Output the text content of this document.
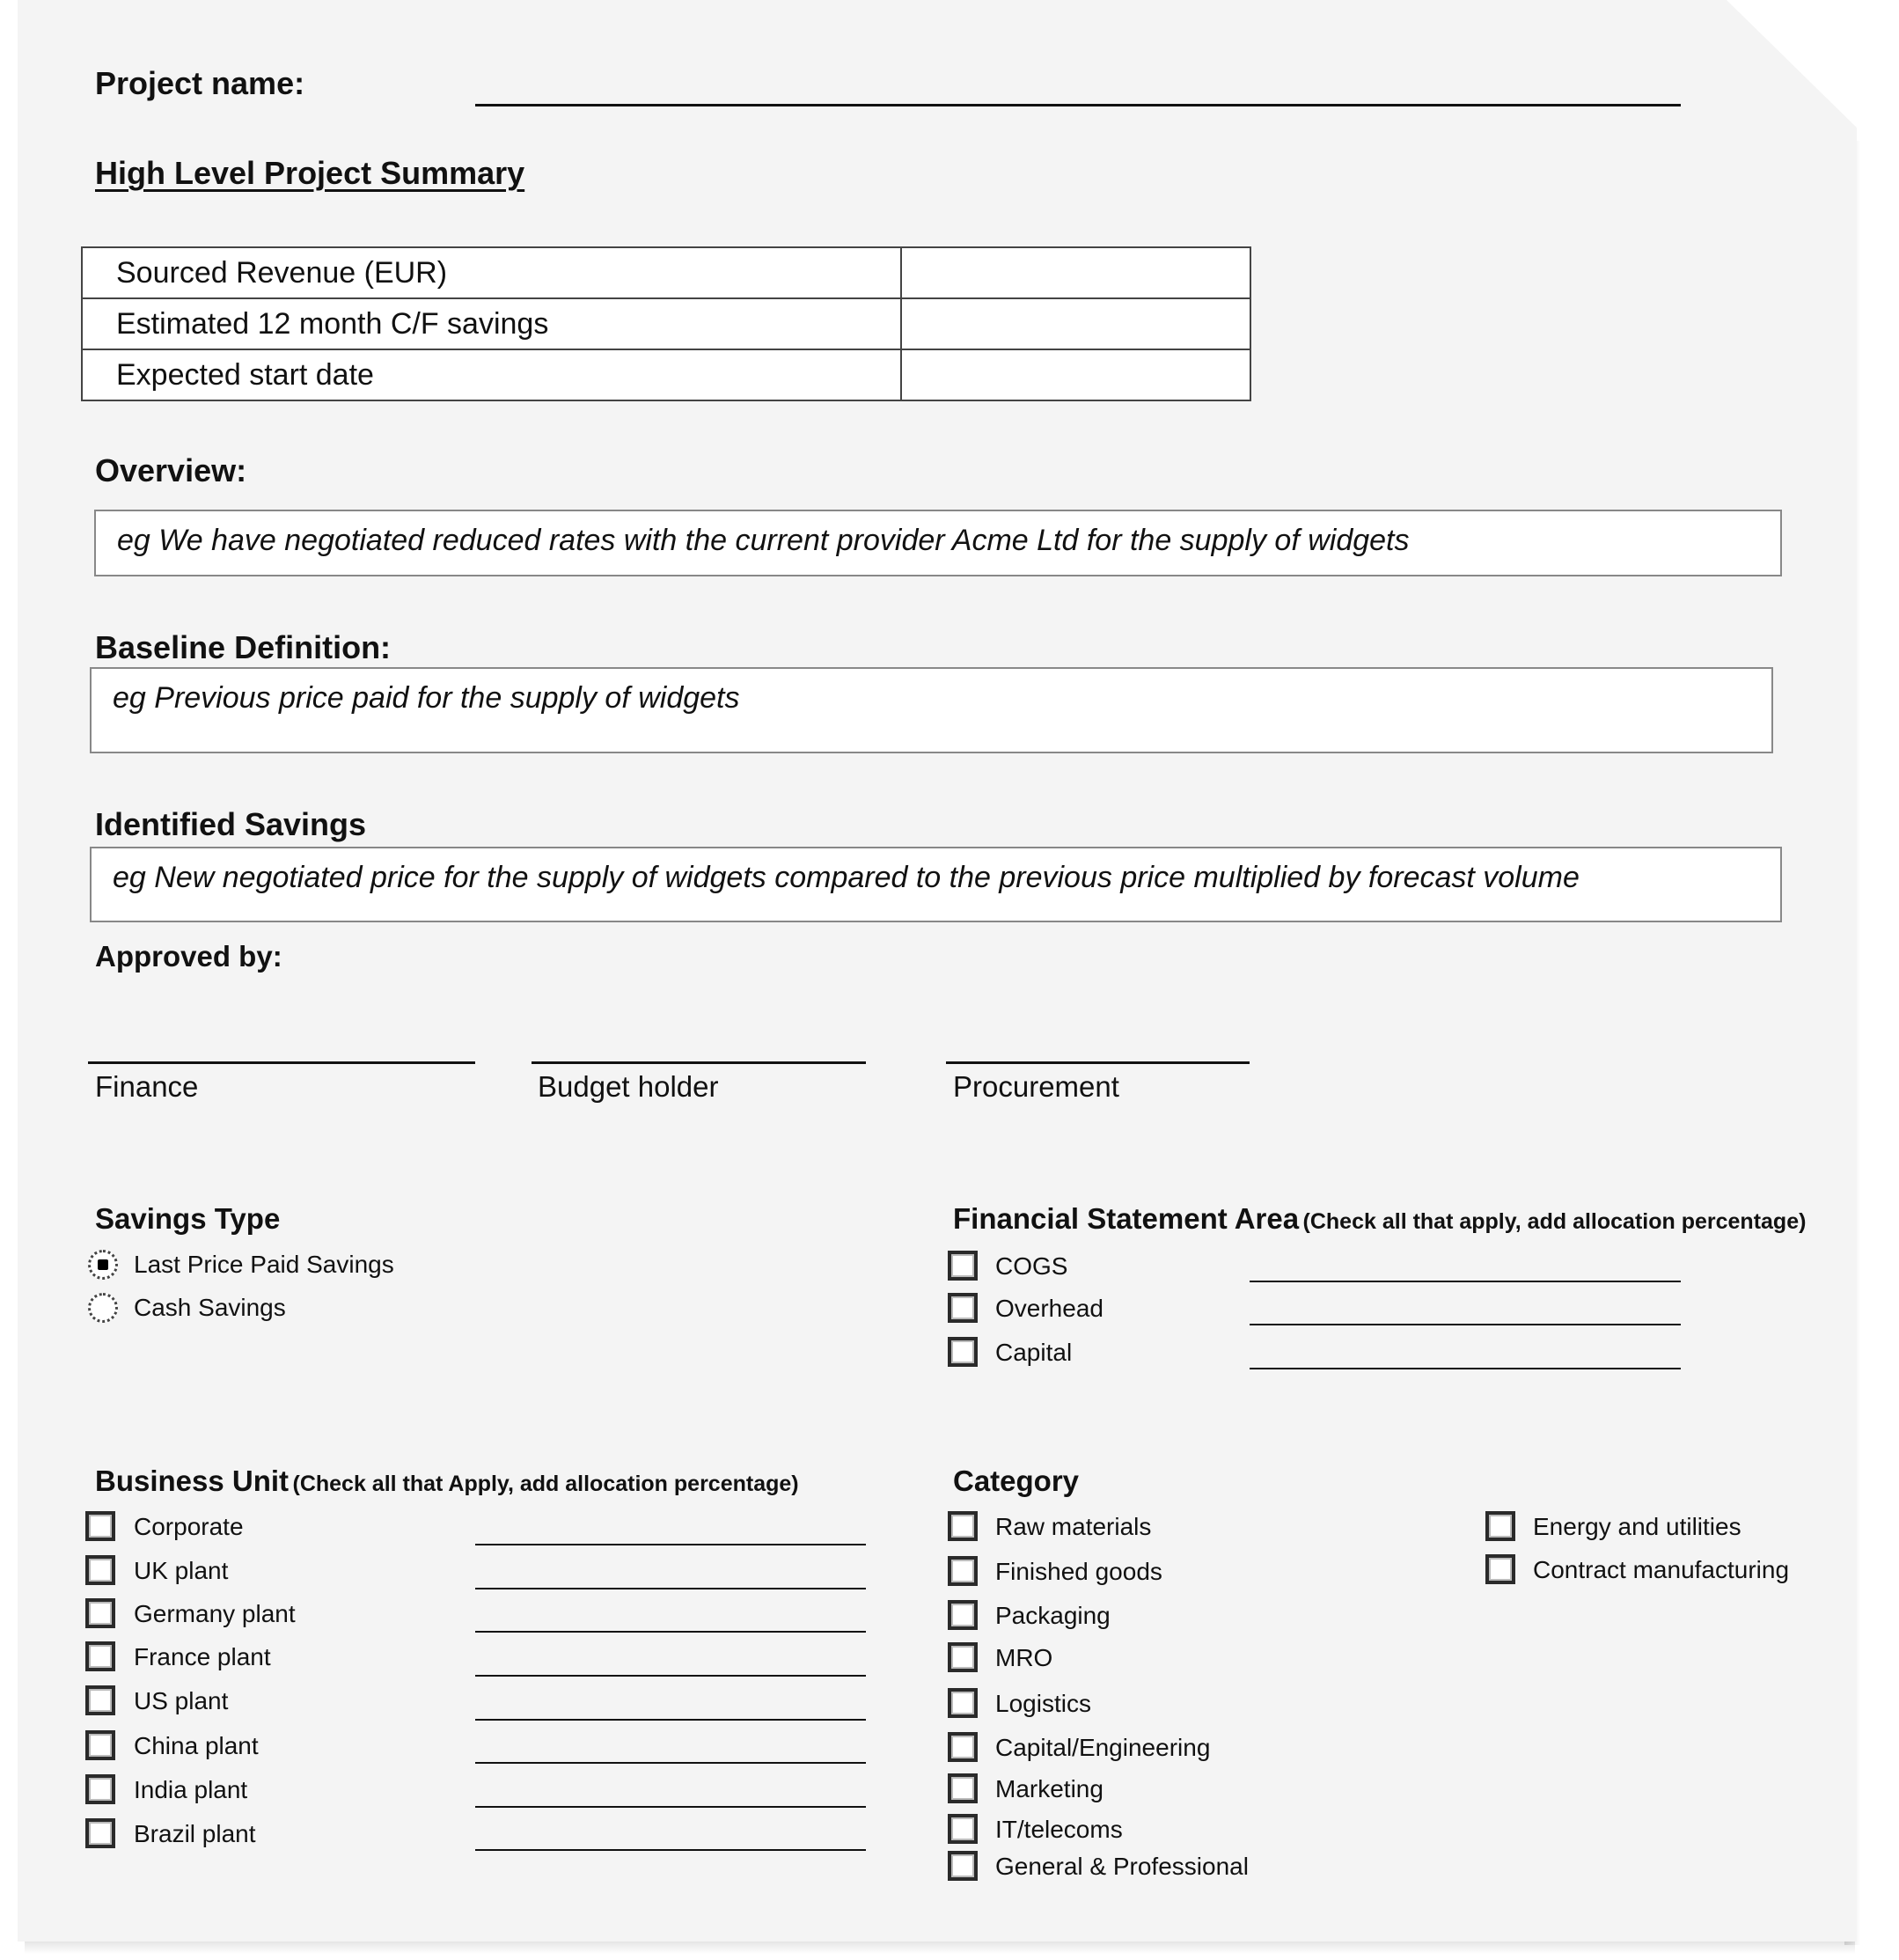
Project name:
High Level Project Summary
Sourced Revenue (EUR)	
Estimated 12 month C/F savings	
Expected start date	
Overview:
eg We have negotiated reduced rates with the current provider Acme Ltd for the supply of widgets
Baseline Definition:
eg Previous price paid for the supply of widgets
Identified Savings
eg New negotiated price for the supply of widgets compared to the previous price multiplied by forecast volume
Approved by:
Finance	Budget holder	Procurement
Savings Type
Last Price Paid Savings
Cash Savings
Financial Statement Area (Check all that apply, add allocation percentage)
COGS
Overhead
Capital
Business Unit (Check all that Apply, add allocation percentage)
Corporate
UK plant
Germany plant
France plant
US plant
China plant
India plant
Brazil plant
Category
Raw materials
Finished goods
Packaging
MRO
Logistics
Capital/Engineering
Marketing
IT/telecoms
General & Professional
Energy and utilities
Contract manufacturing
